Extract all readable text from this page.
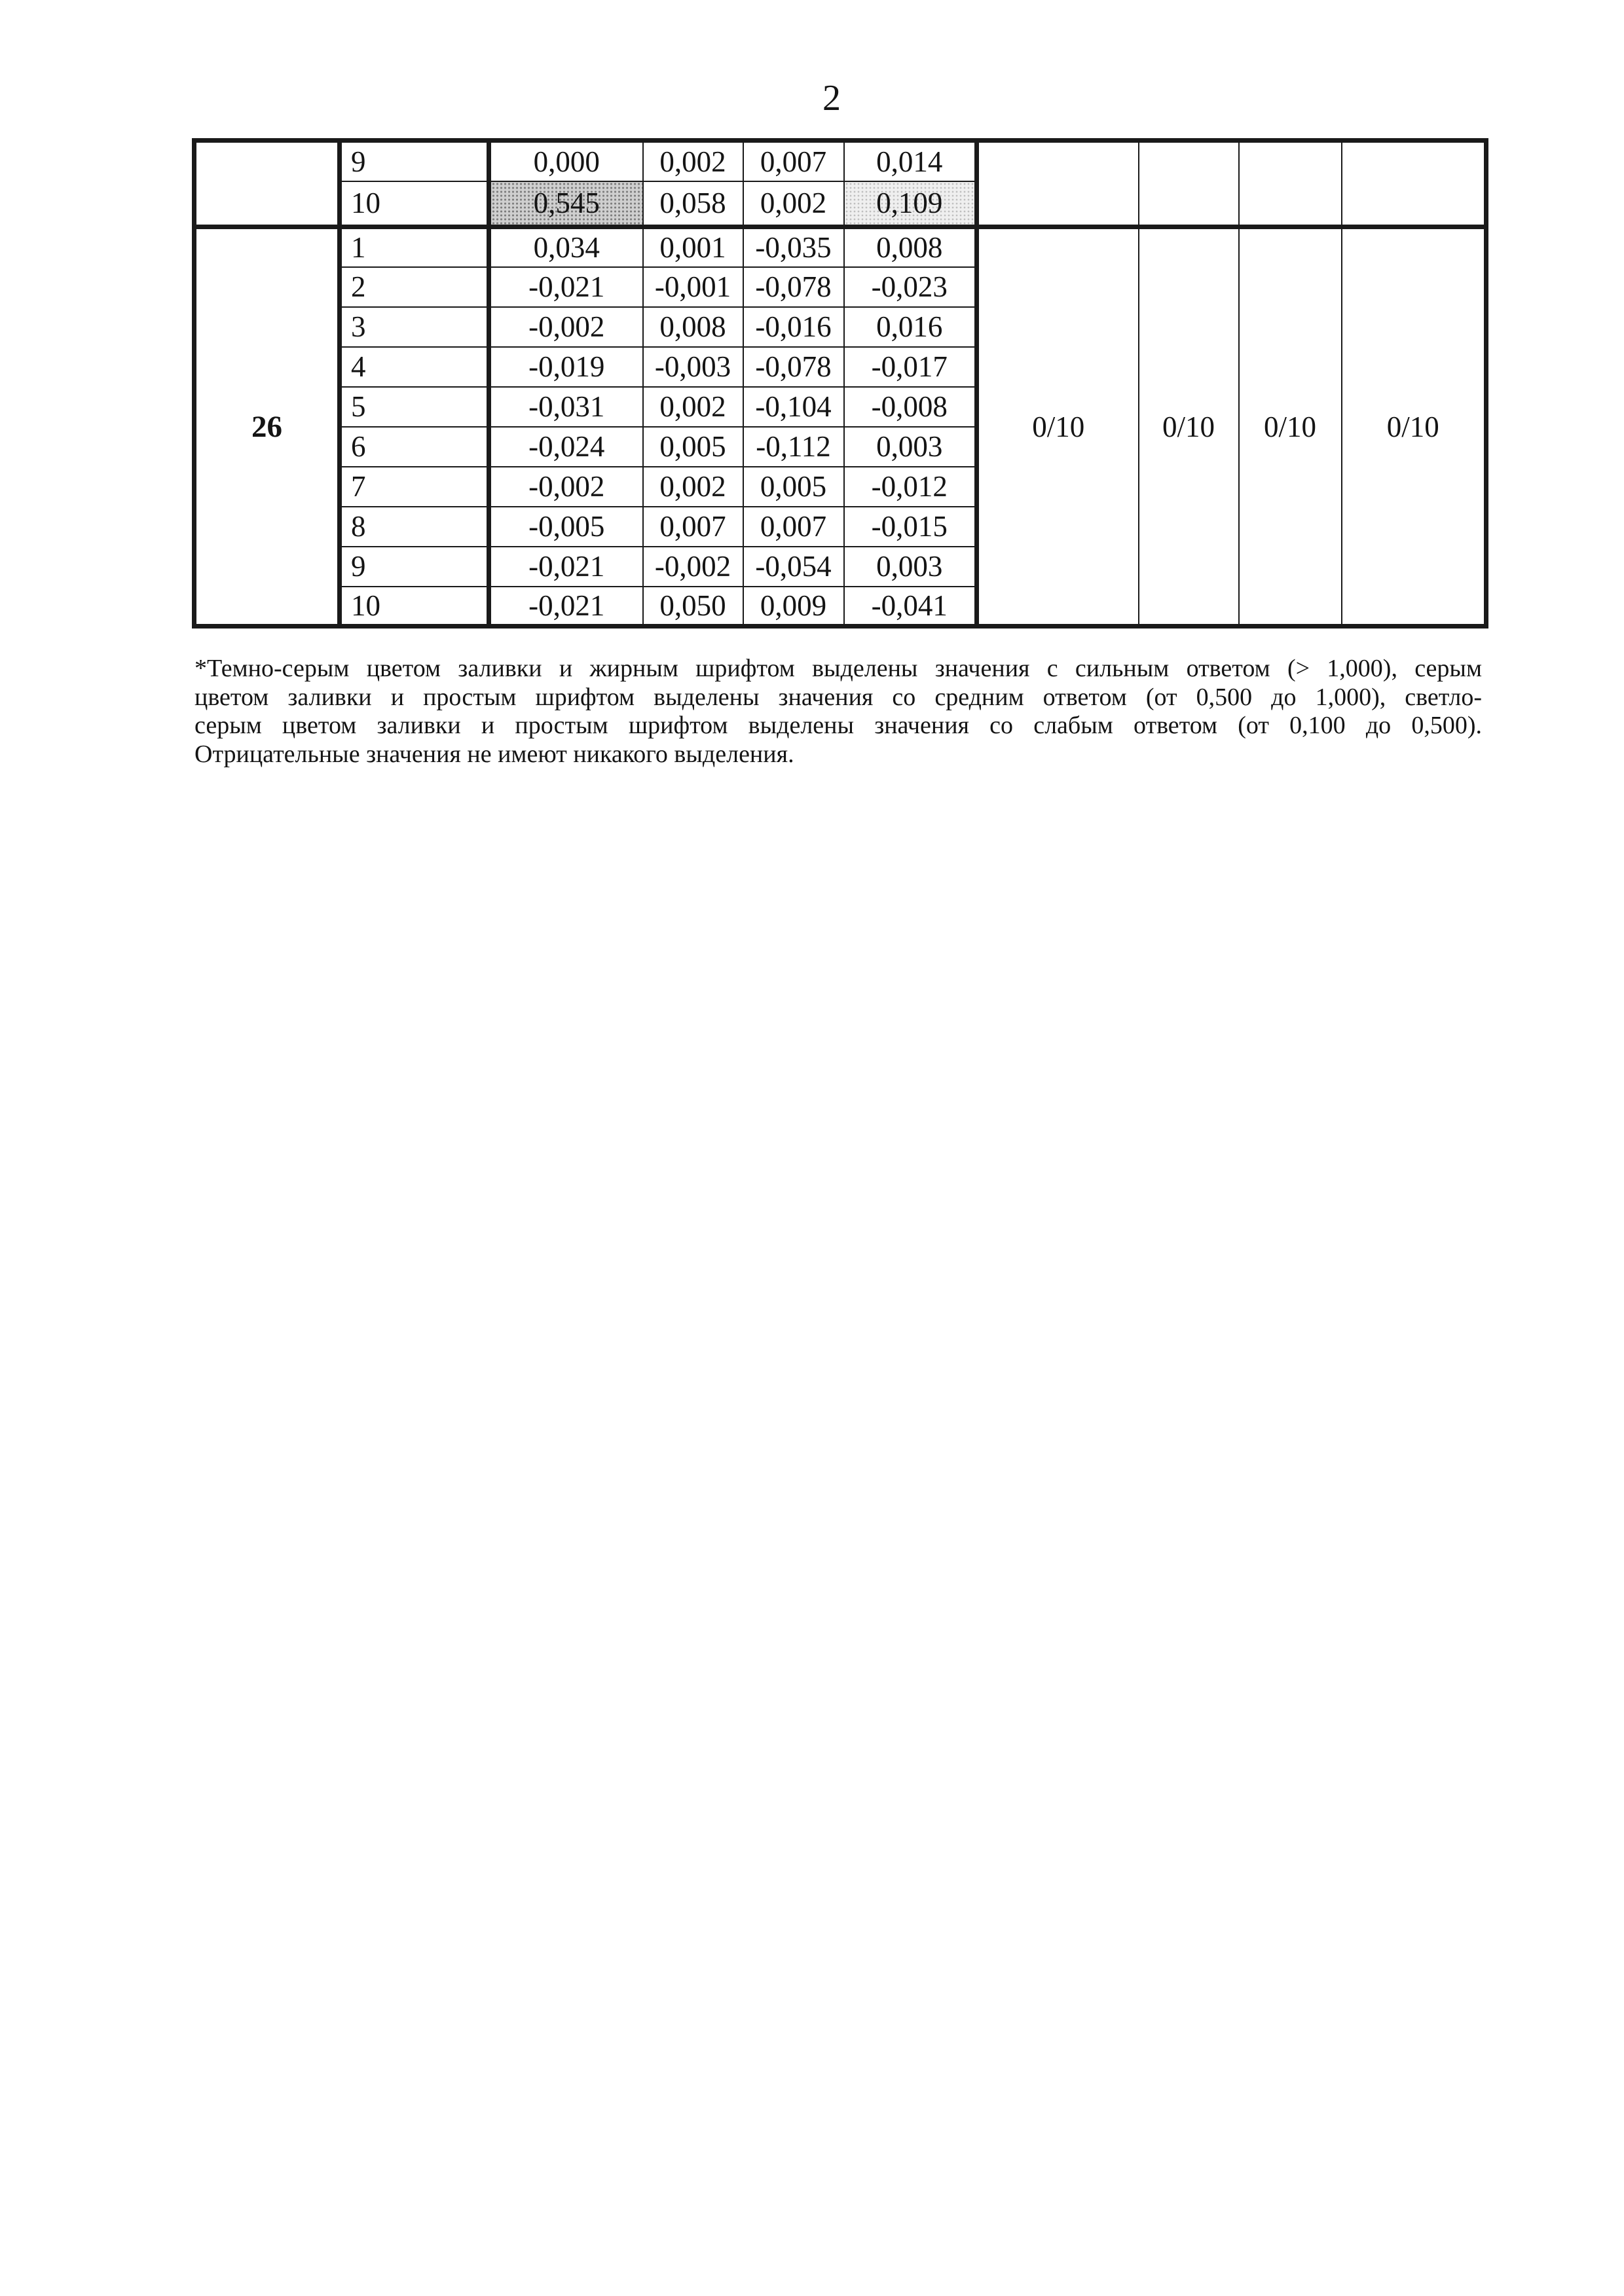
2
	9	0,000	0,002	0,007	0,014				
	10	0,545	0,058	0,002	0,109				
26	1	0,034	0,001	-0,035	0,008	0/10	0/10	0/10	0/10
	2	-0,021	-0,001	-0,078	-0,023				
	3	-0,002	0,008	-0,016	0,016				
	4	-0,019	-0,003	-0,078	-0,017				
	5	-0,031	0,002	-0,104	-0,008				
	6	-0,024	0,005	-0,112	0,003				
	7	-0,002	0,002	0,005	-0,012				
	8	-0,005	0,007	0,007	-0,015				
	9	-0,021	-0,002	-0,054	0,003				
	10	-0,021	0,050	0,009	-0,041				
*Темно-серым цветом заливки и жирным шрифтом выделены значения с сильным ответом (> 1,000), серым
цветом заливки и простым шрифтом выделены значения со средним ответом (от 0,500 до 1,000), светло-
серым цветом заливки и простым шрифтом выделены значения со слабым ответом (от 0,100 до 0,500).
Отрицательные значения не имеют никакого выделения.
